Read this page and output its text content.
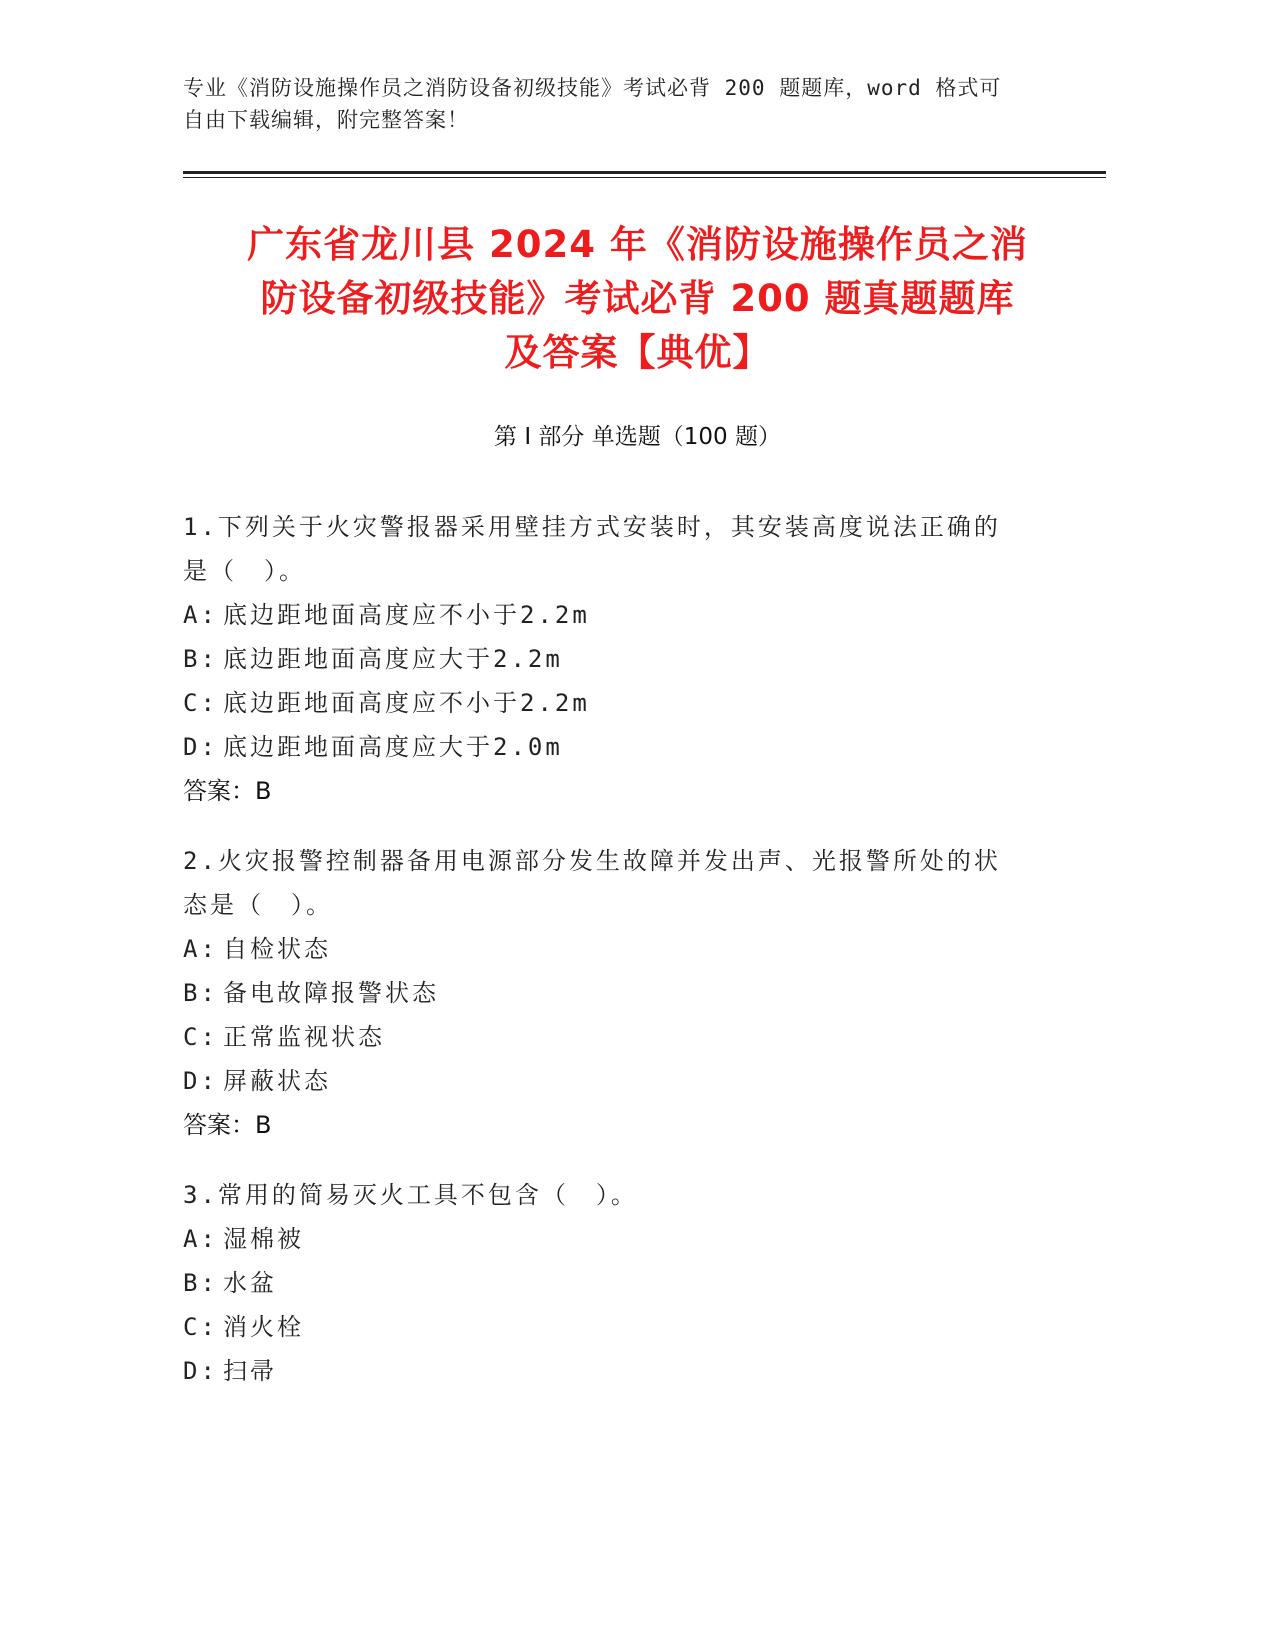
专业《消防设施操作员之消防设备初级技能》考试必背 200 题题库，word 格式可
自由下载编辑，附完整答案！
广东省龙川县 2024 年《消防设施操作员之消
防设备初级技能》考试必背 200 题真题题库
及答案【典优】
第 I 部分 单选题（100 题）
1.下列关于火灾警报器采用壁挂方式安装时，其安装高度说法正确的
是（　）。
A: 底边距地面高度应不小于2.2m
B: 底边距地面高度应大于2.2m
C: 底边距地面高度应不小于2.2m
D: 底边距地面高度应大于2.0m
答案：B
2.火灾报警控制器备用电源部分发生故障并发出声、光报警所处的状
态是（　）。
A: 自检状态
B: 备电故障报警状态
C: 正常监视状态
D: 屏蔽状态
答案：B
3.常用的简易灭火工具不包含（　）。
A: 湿棉被
B: 水盆
C: 消火栓
D: 扫帚
